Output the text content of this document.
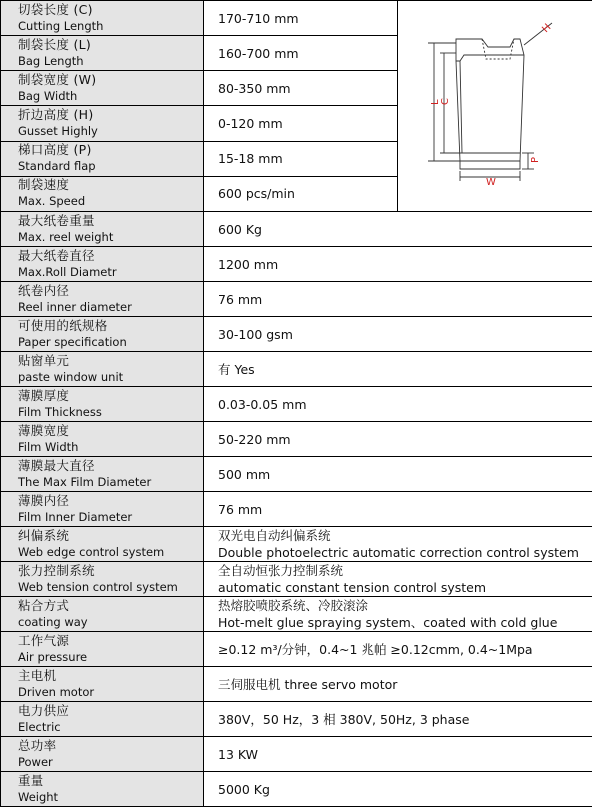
切袋长度 (C)
Cutting Length	170-710 mm	L C
W
P
H

制袋长度 (L)
Bag Length	160-700 mm	

制袋宽度 (W)
Bag Width	80-350 mm	

折边高度 (H)
Gusset Highly	0-120 mm	

梯口高度 (P)
Standard flap	15-18 mm	

制袋速度
Max. Speed	600 pcs/min	

最大纸卷重量
Max. reel weight	600 Kg	

最大纸卷直径
Max.Roll Diametr	1200 mm	

纸卷内径
Reel inner diameter	76 mm	

可使用的纸规格
Paper specification	30-100 gsm	

贴窗单元
paste window unit	有 Yes	

薄膜厚度
Film Thickness	0.03-0.05 mm	

薄膜宽度
Film Width	50-220 mm	

薄膜最大直径
The Max Film Diameter	500 mm	

薄膜内径
Film Inner Diameter	76 mm	

纠偏系统
Web edge control system	双光电自动纠偏系统
Double photoelectric automatic correction control system	

张力控制系统
Web tension control system	全自动恒张力控制系统
automatic constant tension control system	

粘合方式
coating way	热熔胶喷胶系统、冷胶滚涂
Hot-melt glue spraying system、coated with cold glue	

工作气源
Air pressure	≥0.12 m³/分钟，0.4~1 兆帕 ≥0.12cmm, 0.4~1Mpa	

主电机
Driven motor	三伺服电机 three servo motor	

电力供应
Electric	380V，50 Hz，3 相 380V, 50Hz, 3 phase	

总功率
Power	13 KW	

重量
Weight	5000 Kg	
